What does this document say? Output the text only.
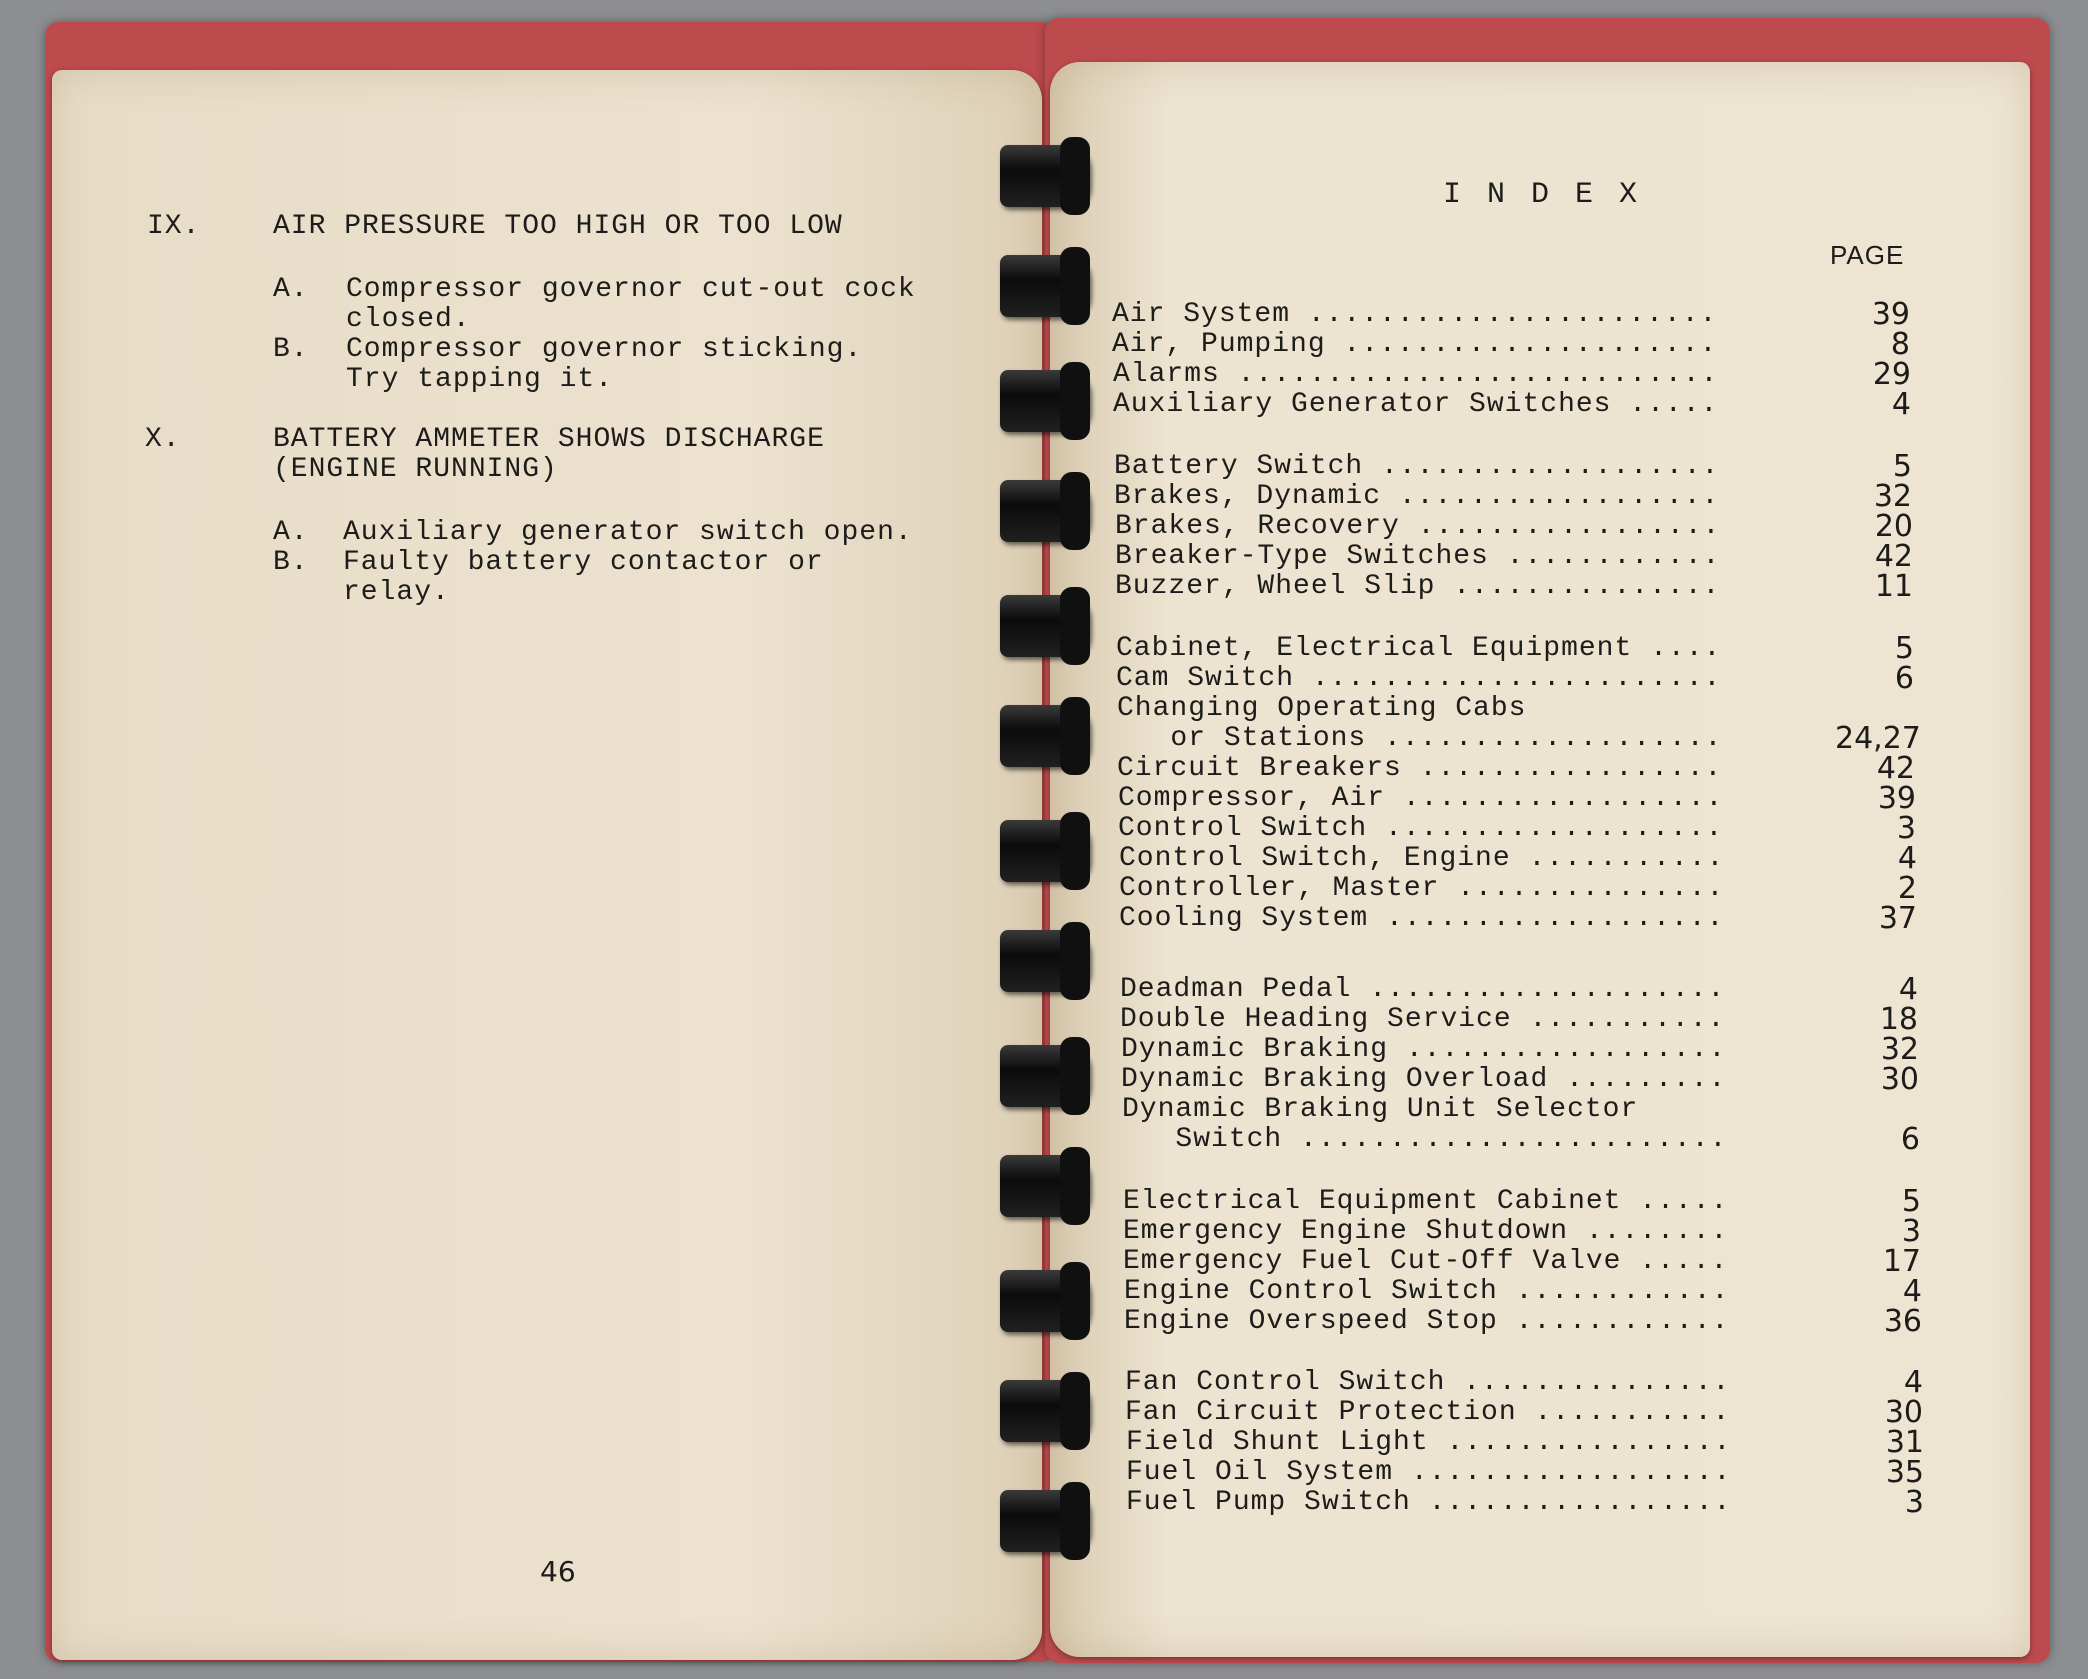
IX.	AIR PRESSURE TOO HIGH OR TOO LOW
A. Compressor governor cut-out cock
closed.
B. Compressor governor sticking.
Try tapping it.
X.	BATTERY AMMETER SHOWS DISCHARGE
(ENGINE RUNNING)
A. Auxiliary generator switch open.
B. Faulty battery contactor or
relay.
46
I N D E X
PAGE
Air System .......................	39
Air, Pumping .....................	8
Alarms ...........................	29
Auxiliary Generator Switches .....	4
Battery Switch ...................	5
Brakes, Dynamic ..................	32
Brakes, Recovery .................	20
Breaker-Type Switches ............	42
Buzzer, Wheel Slip ...............	11
Cabinet, Electrical Equipment ....	5
Cam Switch .......................	6
Changing Operating Cabs
or Stations ...................	24,27
Circuit Breakers .................	42
Compressor, Air ..................	39
Control Switch ...................	3
Control Switch, Engine ...........	4
Controller, Master ...............	2
Cooling System ...................	37
Deadman Pedal ....................	4
Double Heading Service ...........	18
Dynamic Braking ..................	32
Dynamic Braking Overload .........	30
Dynamic Braking Unit Selector
Switch ........................	6
Electrical Equipment Cabinet .....	5
Emergency Engine Shutdown ........	3
Emergency Fuel Cut-Off Valve .....	17
Engine Control Switch ............	4
Engine Overspeed Stop ............	36
Fan Control Switch ...............	4
Fan Circuit Protection ...........	30
Field Shunt Light ................	31
Fuel Oil System ..................	35
Fuel Pump Switch .................	3
